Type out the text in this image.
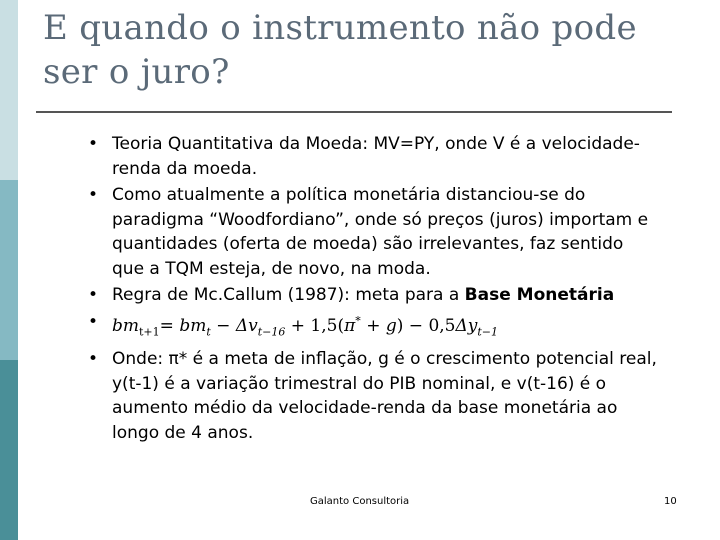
E quando o instrumento não pode ser o juro?
• Teoria Quantitativa da Moeda: MV=PY, onde V é a velocidade-renda da moeda.
• Como atualmente a política monetária distanciou-se do paradigma “Woodfordiano”, onde só preços (juros) importam e quantidades (oferta de moeda) são irrelevantes, faz sentido que a TQM esteja, de novo, na moda.
• Regra de Mc.Callum (1987): meta para a Base Monetária
• $bm_{t+1}= bm_t - \Delta v_{t-16} + 1,5(\pi^* + g) - 0,5\Delta y_{t-1}$
• Onde: π* é a meta de inflação, g é o crescimento potencial real, y(t-1) é a variação trimestral do PIB nominal, e v(t-16) é o aumento médio da velocidade-renda da base monetária ao longo de 4 anos.
Galanto Consultoria	10
